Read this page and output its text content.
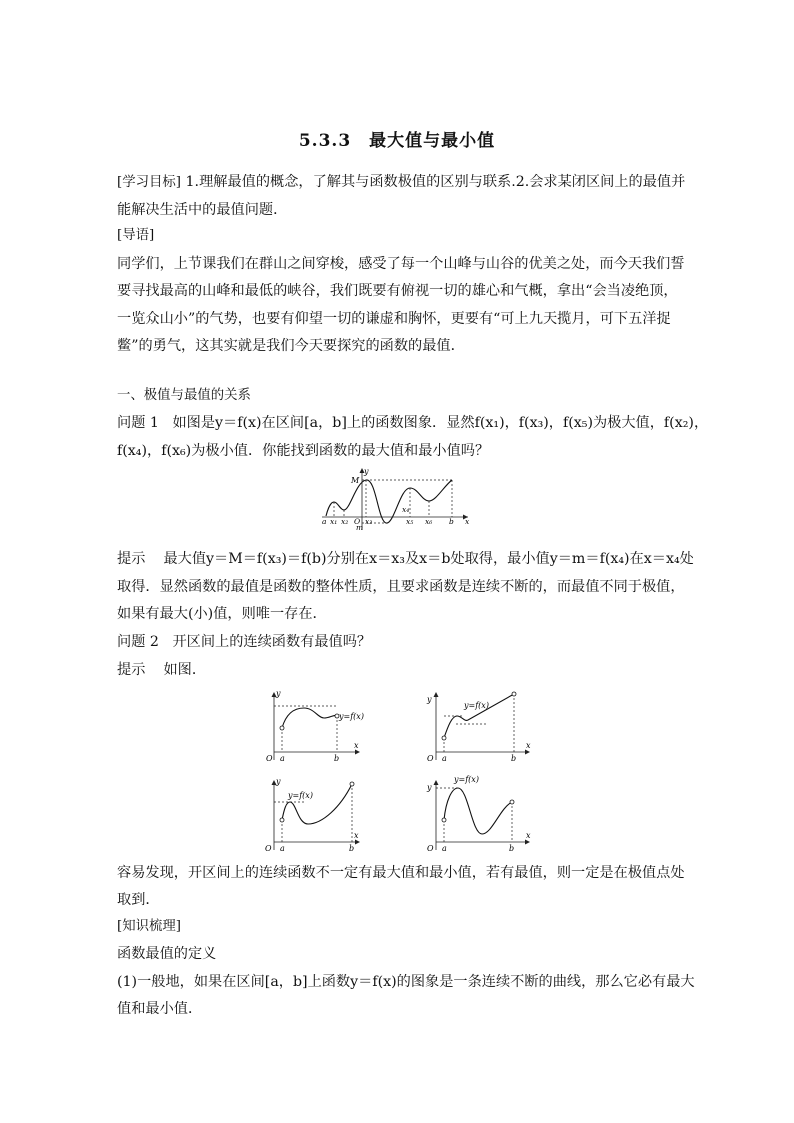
5.3.3　最大值与最小值
[学习目标] 1.理解最值的概念，了解其与函数极值的区别与联系.2.会求某闭区间上的最值并
能解决生活中的最值问题．
[导语]
同学们，上节课我们在群山之间穿梭，感受了每一个山峰与山谷的优美之处，而今天我们誓
要寻找最高的山峰和最低的峡谷，我们既要有俯视一切的雄心和气概，拿出“会当凌绝顶，
一览众山小”的气势，也要有仰望一切的谦虚和胸怀，更要有“可上九天揽月，可下五洋捉
鳖”的勇气，这其实就是我们今天要探究的函数的最值．
一、极值与最值的关系
问题 1 如图是y＝f(x)在区间[a，b]上的函数图象．显然f(x₁)，f(x₃)，f(x₅)为极大值，f(x₂)，
f(x₄)，f(x₆)为极小值．你能找到函数的最大值和最小值吗？
M
y
a x₁ x₂ O x₃
x₄
x₅ x₆ b x
m
提示 最大值y＝M＝f(x₃)＝f(b)分别在x＝x₃及x＝b处取得，最小值y＝m＝f(x₄)在x＝x₄处
取得．显然函数的最值是函数的整体性质，且要求函数是连续不断的，而最值不同于极值，
如果有最大(小)值，则唯一存在．
问题 2 开区间上的连续函数有最值吗？
提示 如图．
y
O a	b
x
y=f(x)
y
O a	b
x
y=f(x)
y
O a	b
x
y=f(x)
y
O a	b
x
y=f(x)
容易发现，开区间上的连续函数不一定有最大值和最小值，若有最值，则一定是在极值点处
取到．
[知识梳理]
函数最值的定义
(1)一般地，如果在区间[a，b]上函数y＝f(x)的图象是一条连续不断的曲线，那么它必有最大
值和最小值．
